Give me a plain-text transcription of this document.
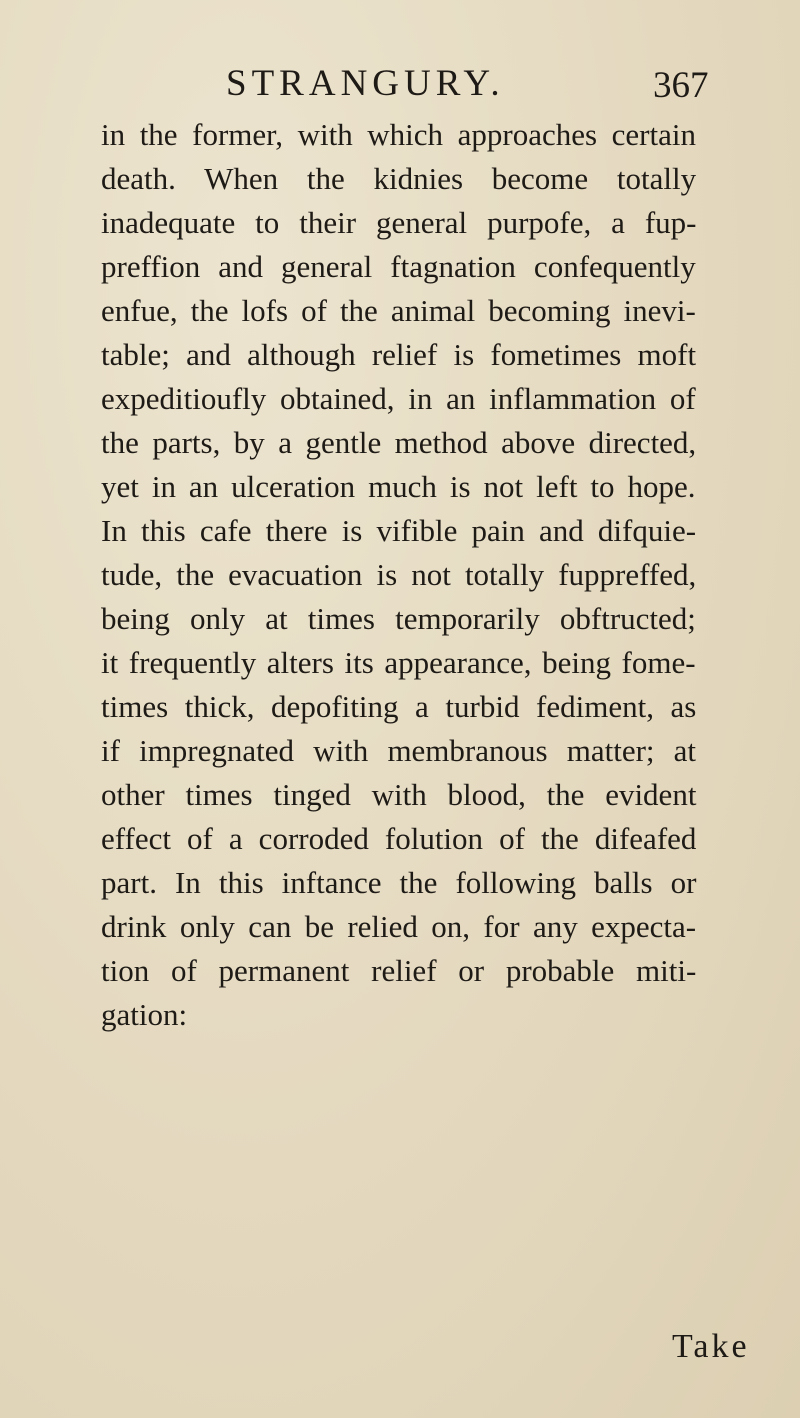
STRANGURY.	367
in the former, with which approaches certain
death. When the kidnies become totally
inadequate to their general purpofe, a fup-
preffion and general ftagnation confequently
enfue, the lofs of the animal becoming inevi-
table; and although relief is fometimes moft
expeditioufly obtained, in an inflammation of
the parts, by a gentle method above directed,
yet in an ulceration much is not left to hope.
In this cafe there is vifible pain and difquie-
tude, the evacuation is not totally fuppreffed,
being only at times temporarily obftructed;
it frequently alters its appearance, being fome-
times thick, depofiting a turbid fediment, as
if impregnated with membranous matter; at
other times tinged with blood, the evident
effect of a corroded folution of the difeafed
part. In this inftance the following balls or
drink only can be relied on, for any expecta-
tion of permanent relief or probable miti-
gation:
Take
